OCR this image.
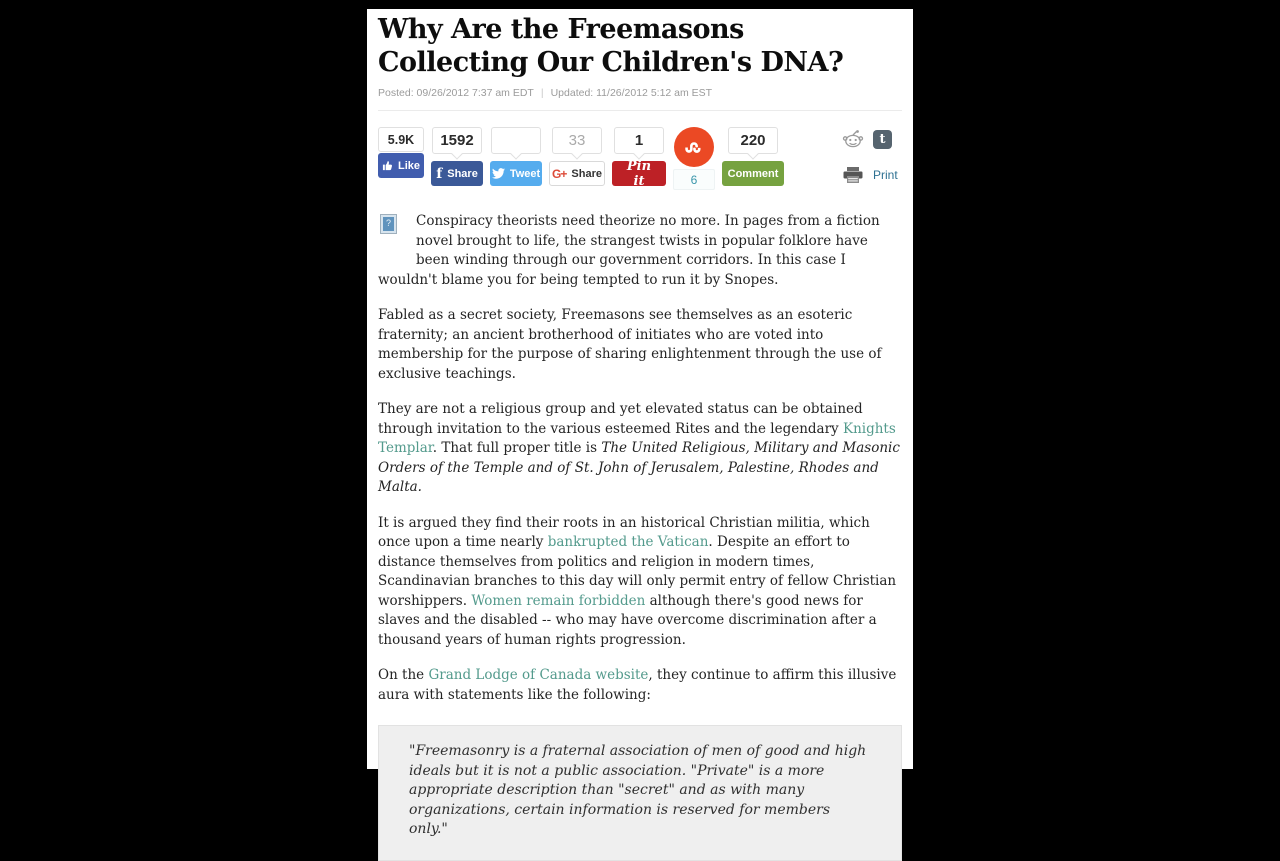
Why Are the Freemasons
Collecting Our Children's DNA?
Posted: 09/26/2012 7:37 am EDT | Updated: 11/26/2012 5:12 am EST
5.9K
Like
1592
f Share	Tweet
33
G+ Share
1
Pin it	6
220
Comment
t
Print

? Conspiracy theorists need theorize no more. In pages from a fiction novel brought to life, the strangest twists in popular folklore have been winding through our government corridors. In this case I wouldn't blame you for being tempted to run it by Snopes.

Fabled as a secret society, Freemasons see themselves as an esoteric fraternity; an ancient brotherhood of initiates who are voted into membership for the purpose of sharing enlightenment through the use of exclusive teachings.

They are not a religious group and yet elevated status can be obtained through invitation to the various esteemed Rites and the legendary Knights Templar. That full proper title is The United Religious, Military and Masonic Orders of the Temple and of St. John of Jerusalem, Palestine, Rhodes and Malta.

It is argued they find their roots in an historical Christian militia, which once upon a time nearly bankrupted the Vatican. Despite an effort to distance themselves from politics and religion in modern times, Scandinavian branches to this day will only permit entry of fellow Christian worshippers. Women remain forbidden although there's good news for slaves and the disabled -- who may have overcome discrimination after a thousand years of human rights progression.

On the Grand Lodge of Canada website, they continue to affirm this illusive aura with statements like the following:

"Freemasonry is a fraternal association of men of good and high ideals but it is not a public association. "Private" is a more appropriate description than "secret" and as with many organizations, certain information is reserved for members only."
